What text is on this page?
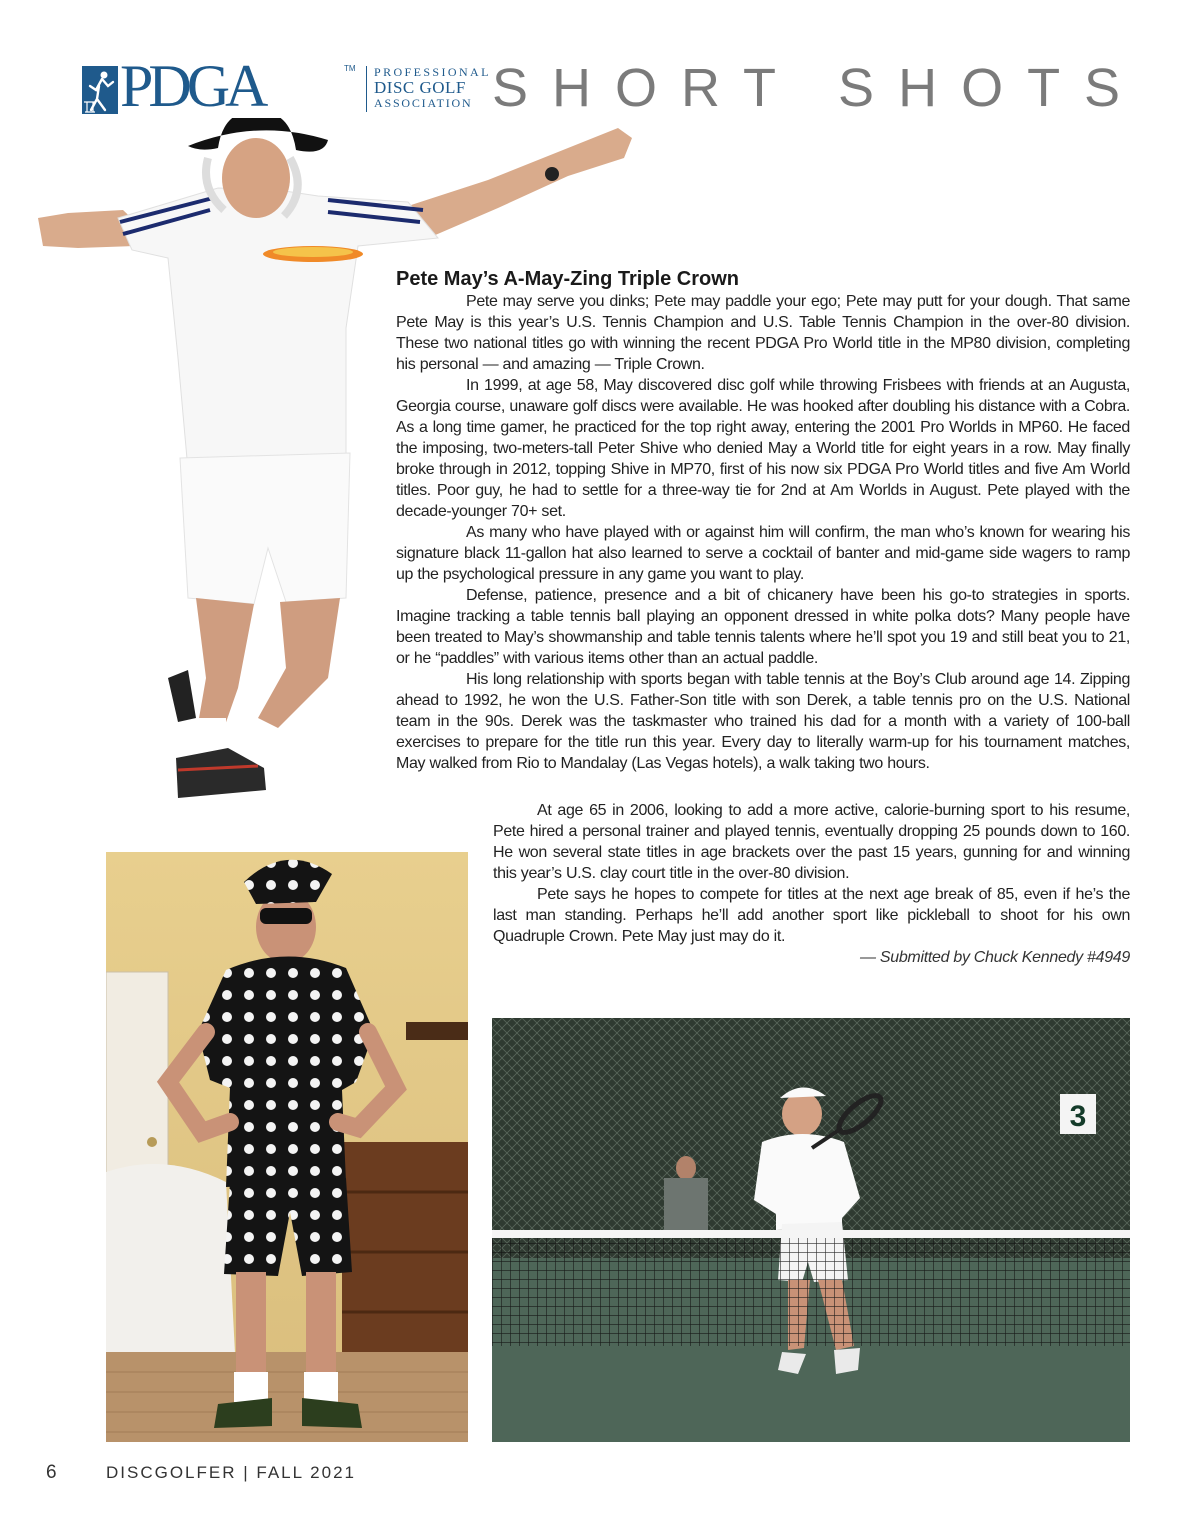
PDGA	TM PROFESSIONAL
DISC GOLF
ASSOCIATION SHORT SHOTS
Pete May’s A-May-Zing Triple Crown

Pete may serve you dinks; Pete may paddle your ego; Pete may putt for your dough. That same Pete May is this year’s U.S. Tennis Champion and U.S. Table Tennis Champion in the over-80 division. These two national titles go with winning the recent PDGA Pro World title in the MP80 division, completing his personal — and amazing — Triple Crown.

In 1999, at age 58, May discovered disc golf while throwing Frisbees with friends at an Augusta, Georgia course, unaware golf discs were available. He was hooked after doubling his distance with a Cobra. As a long time gamer, he practiced for the top right away, entering the 2001 Pro Worlds in MP60. He faced the imposing, two-meters-tall Peter Shive who denied May a World title for eight years in a row. May finally broke through in 2012, topping Shive in MP70, first of his now six PDGA Pro World titles and five Am World titles. Poor guy, he had to settle for a three-way tie for 2nd at Am Worlds in August. Pete played with the decade-younger 70+ set.

As many who have played with or against him will confirm, the man who’s known for wearing his signature black 11-gallon hat also learned to serve a cocktail of banter and mid-game side wagers to ramp up the psychological pressure in any game you want to play.

Defense, patience, presence and a bit of chicanery have been his go-to strategies in sports. Imagine tracking a table tennis ball playing an opponent dressed in white polka dots? Many people have been treated to May’s showmanship and table tennis talents where he’ll spot you 19 and still beat you to 21, or he “paddles” with various items other than an actual paddle.

His long relationship with sports began with table tennis at the Boy’s Club around age 14. Zipping ahead to 1992, he won the U.S. Father-Son title with son Derek, a table tennis pro on the U.S. National team in the 90s. Derek was the taskmaster who trained his dad for a month with a variety of 100-ball exercises to prepare for the title run this year. Every day to literally warm-up for his tournament matches, May walked from Rio to Mandalay (Las Vegas hotels), a walk taking two hours.

At age 65 in 2006, looking to add a more active, calorie-burning sport to his resume, Pete hired a personal trainer and played tennis, eventually dropping 25 pounds down to 160. He won several state titles in age brackets over the past 15 years, gunning for and winning this year’s U.S. clay court title in the over-80 division.

Pete says he hopes to compete for titles at the next age break of 85, even if he’s the last man standing. Perhaps he’ll add another sport like pickleball to shoot for his own Quadruple Crown. Pete May just may do it.

— Submitted by Chuck Kennedy #4949
3
6	DISCGOLFER | FALL 2021
